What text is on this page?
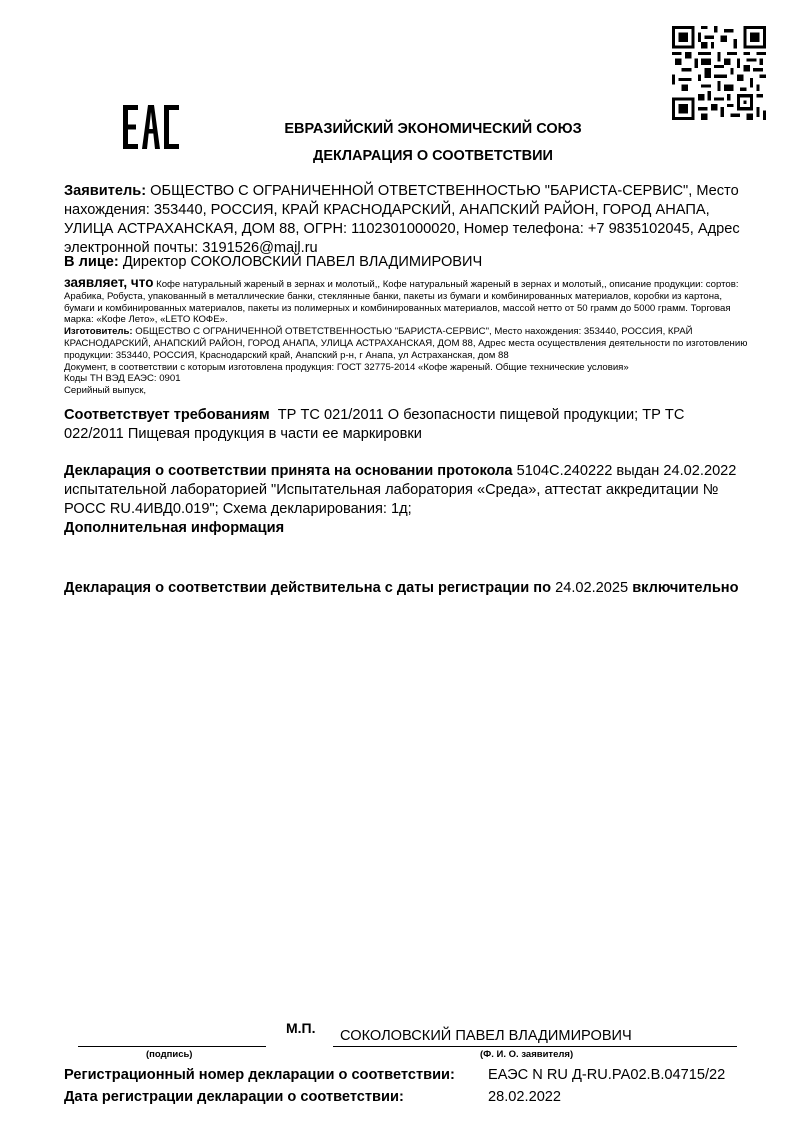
ЕВРАЗИЙСКИЙ ЭКОНОМИЧЕСКИЙ СОЮЗ
ДЕКЛАРАЦИЯ О СООТВЕТСТВИИ
Заявитель: ОБЩЕСТВО С ОГРАНИЧЕННОЙ ОТВЕТСТВЕННОСТЬЮ "БАРИСТА-СЕРВИС", Место нахождения: 353440, РОССИЯ, КРАЙ КРАСНОДАРСКИЙ, АНАПСКИЙ РАЙОН, ГОРОД АНАПА, УЛИЦА АСТРАХАНСКАЯ, ДОМ 88, ОГРН: 1102301000020, Номер телефона: +7 9835102045, Адрес электронной почты: 3191526@mail.ru
В лице: Директор СОКОЛОВСКИЙ ПАВЕЛ ВЛАДИМИРОВИЧ
заявляет, что Кофе натуральный жареный в зернах и молотый,, Кофе натуральный жареный в зернах и молотый,, описание продукции: сортов: Арабика, Робуста, упакованный в металлические банки, стеклянные банки, пакеты из бумаги и комбинированных материалов, коробки из картона, бумаги и комбинированных материалов, пакеты из полимерных и комбинированных материалов, массой нетто от 50 грамм до 5000 грамм. Торговая марка: «Кофе Лето», «LETO КОФЕ».
Изготовитель: ОБЩЕСТВО С ОГРАНИЧЕННОЙ ОТВЕТСТВЕННОСТЬЮ "БАРИСТА-СЕРВИС", Место нахождения: 353440, РОССИЯ, КРАЙ КРАСНОДАРСКИЙ, АНАПСКИЙ РАЙОН, ГОРОД АНАПА, УЛИЦА АСТРАХАНСКАЯ, ДОМ 88, Адрес места осуществления деятельности по изготовлению продукции: 353440, РОССИЯ, Краснодарский край, Анапский р-н, г Анапа, ул Астраханская, дом 88
Документ, в соответствии с которым изготовлена продукция: ГОСТ 32775-2014 «Кофе жареный. Общие технические условия»
Коды ТН ВЭД ЕАЭС: 0901
Серийный выпуск,
Соответствует требованиям ТР ТС 021/2011 О безопасности пищевой продукции; ТР ТС 022/2011 Пищевая продукция в части ее маркировки
Декларация о соответствии принята на основании протокола 5104С.240222 выдан 24.02.2022 испытательной лабораторией "Испытательная лаборатория «Среда», аттестат аккредитации № РОСС RU.4ИВД0.019"; Схема декларирования: 1д;
Дополнительная информация
Декларация о соответствии действительна с даты регистрации по 24.02.2025 включительно
М.П. СОКОЛОВСКИЙ ПАВЕЛ ВЛАДИМИРОВИЧ
(подпись)	(Ф. И. О. заявителя)
Регистрационный номер декларации о соответствии: ЕАЭС N RU Д-RU.РА02.В.04715/22
Дата регистрации декларации о соответствии:	28.02.2022
